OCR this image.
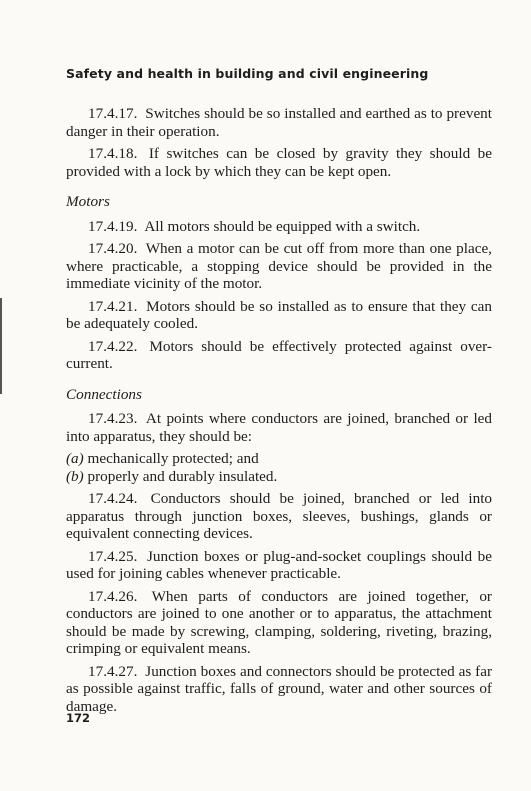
Safety and health in building and civil engineering

17.4.17. Switches should be so installed and earthed as to prevent danger in their operation.

17.4.18. If switches can be closed by gravity they should be provided with a lock by which they can be kept open.

Motors

17.4.19. All motors should be equipped with a switch.

17.4.20. When a motor can be cut off from more than one place, where practicable, a stopping device should be provided in the immediate vicinity of the motor.

17.4.21. Motors should be so installed as to ensure that they can be adequately cooled.

17.4.22. Motors should be effectively protected against over-current.

Connections

17.4.23. At points where conductors are joined, branched or led into apparatus, they should be:

(a) mechanically protected; and

(b) properly and durably insulated.

17.4.24. Conductors should be joined, branched or led into apparatus through junction boxes, sleeves, bushings, glands or equivalent connecting devices.

17.4.25. Junction boxes or plug-and-socket couplings should be used for joining cables whenever practicable.

17.4.26. When parts of conductors are joined together, or conductors are joined to one another or to apparatus, the attachment should be made by screwing, clamping, soldering, riveting, brazing, crimping or equivalent means.

17.4.27. Junction boxes and connectors should be protected as far as possible against traffic, falls of ground, water and other sources of damage.

172
